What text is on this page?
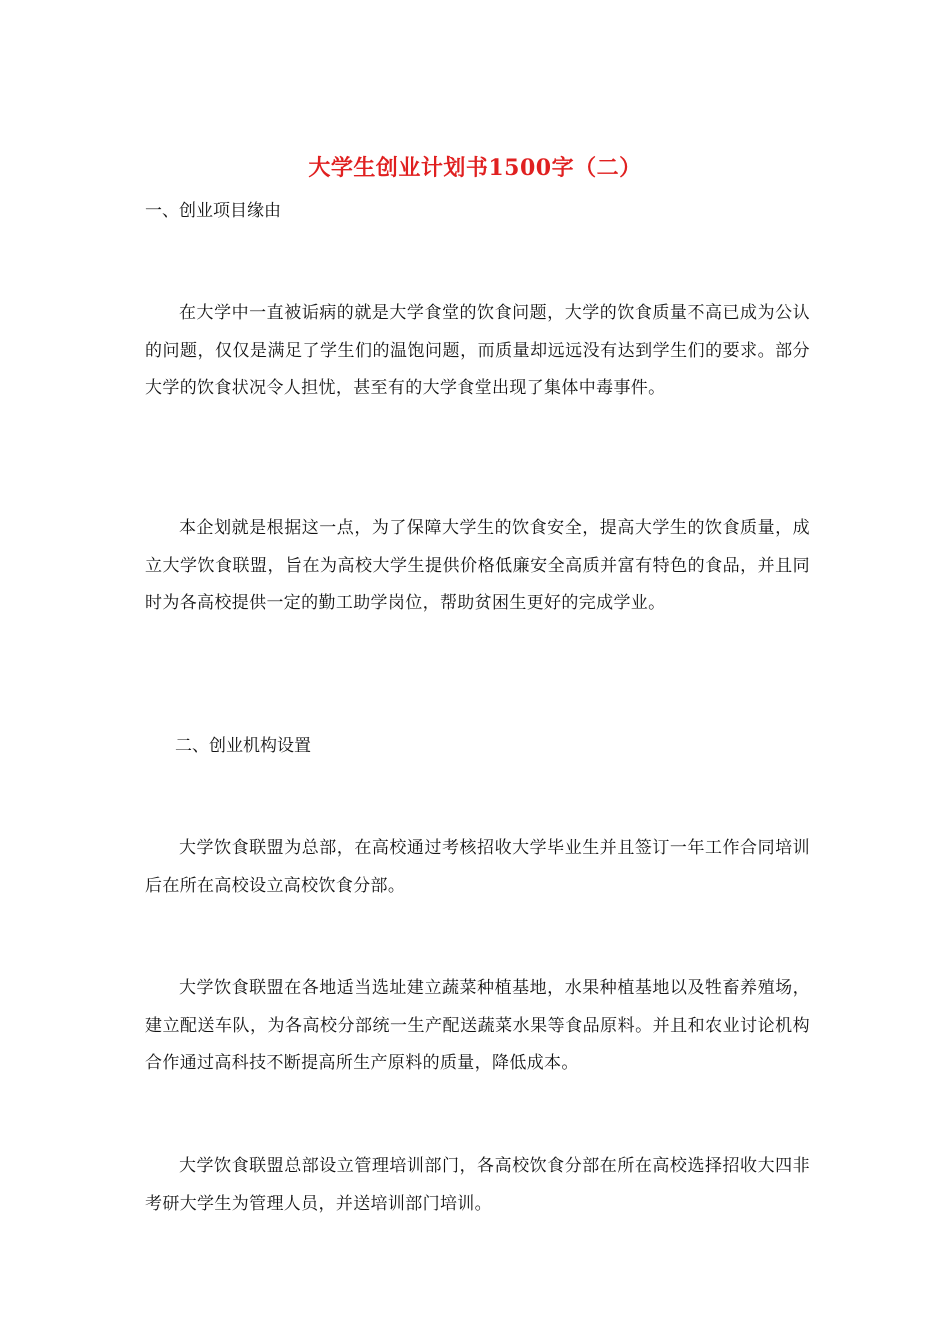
大学生创业计划书1500字（二）
一、创业项目缘由
在大学中一直被诟病的就是大学食堂的饮食问题，大学的饮食质量不高已成为公认的问题，仅仅是满足了学生们的温饱问题，而质量却远远没有达到学生们的要求。部分大学的饮食状况令人担忧，甚至有的大学食堂出现了集体中毒事件。
本企划就是根据这一点，为了保障大学生的饮食安全，提高大学生的饮食质量，成立大学饮食联盟，旨在为高校大学生提供价格低廉安全高质并富有特色的食品，并且同时为各高校提供一定的勤工助学岗位，帮助贫困生更好的完成学业。
二、创业机构设置
大学饮食联盟为总部，在高校通过考核招收大学毕业生并且签订一年工作合同培训后在所在高校设立高校饮食分部。
大学饮食联盟在各地适当选址建立蔬菜种植基地，水果种植基地以及牲畜养殖场，建立配送车队，为各高校分部统一生产配送蔬菜水果等食品原料。并且和农业讨论机构合作通过高科技不断提高所生产原料的质量，降低成本。
大学饮食联盟总部设立管理培训部门，各高校饮食分部在所在高校选择招收大四非考研大学生为管理人员，并送培训部门培训。
